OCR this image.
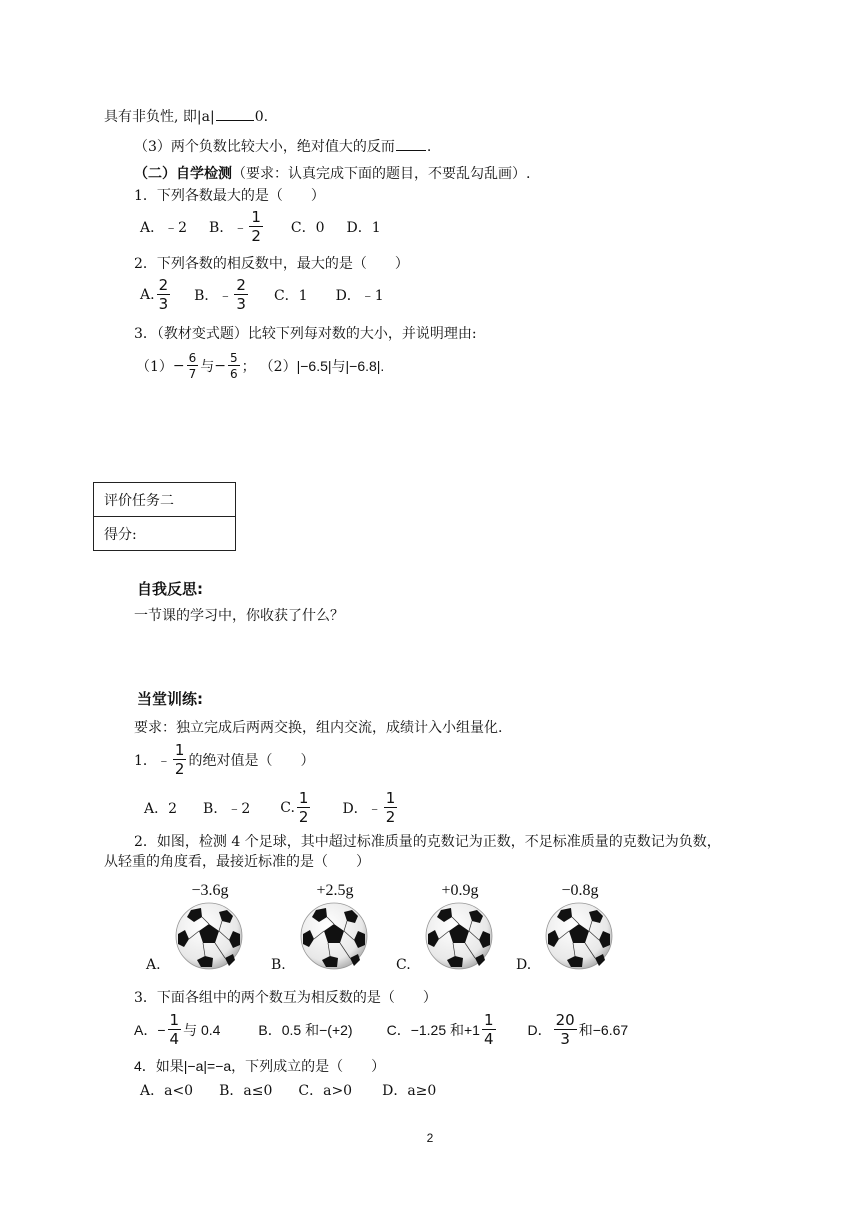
具有非负性, 即|a|	0.
（3）两个负数比较大小，绝对值大的反而 .
（二）自学检测（要求：认真完成下面的题目，不要乱勾乱画）.
1．下列各数最大的是（　　）
A．﹣2 B．﹣ $\frac{1}{2}$ C．0 D．1
2．下列各数的相反数中，最大的是（　　）
A. $\frac{2}{3}$ B．﹣ $\frac{2}{3}$ C．1 D．﹣1
3．（教材变式题）比较下列每对数的大小，并说明理由:
$(1) - \frac{6}{7}$ 与 − $\frac{5}{6}$ ； （2） |−6.5|与|−6.8|.
评价任务二
得分:
自我反思:
一节课的学习中，你收获了什么？
当堂训练:
要求：独立完成后两两交换，组内交流，成绩计入小组量化.
1．﹣ $\frac{1}{2}$ 的绝对值是（　　）
A．2 B．﹣2 C. $\frac{1}{2}$ D．﹣ $\frac{1}{2}$
2．如图，检测 4 个足球，其中超过标准质量的克数记为正数，不足标准质量的克数记为负数，
从轻重的角度看，最接近标准的是（　　）
−3.6g
A.
+2.5g
B.
+0.9g
C.
−0.8g
D.
3．下面各组中的两个数互为相反数的是（　　）
A．− $\frac{1}{4}$ 与 0.4	B．0.5 和−(+2) C．−1.25 和$+1 \frac{1}{4}$ D． $\frac{20}{3}$ 和−6.67
4．如果|−a|=−a，下列成立的是（　　）
A．a<0 B．a≤0 C．a>0 D．a≥0
2
